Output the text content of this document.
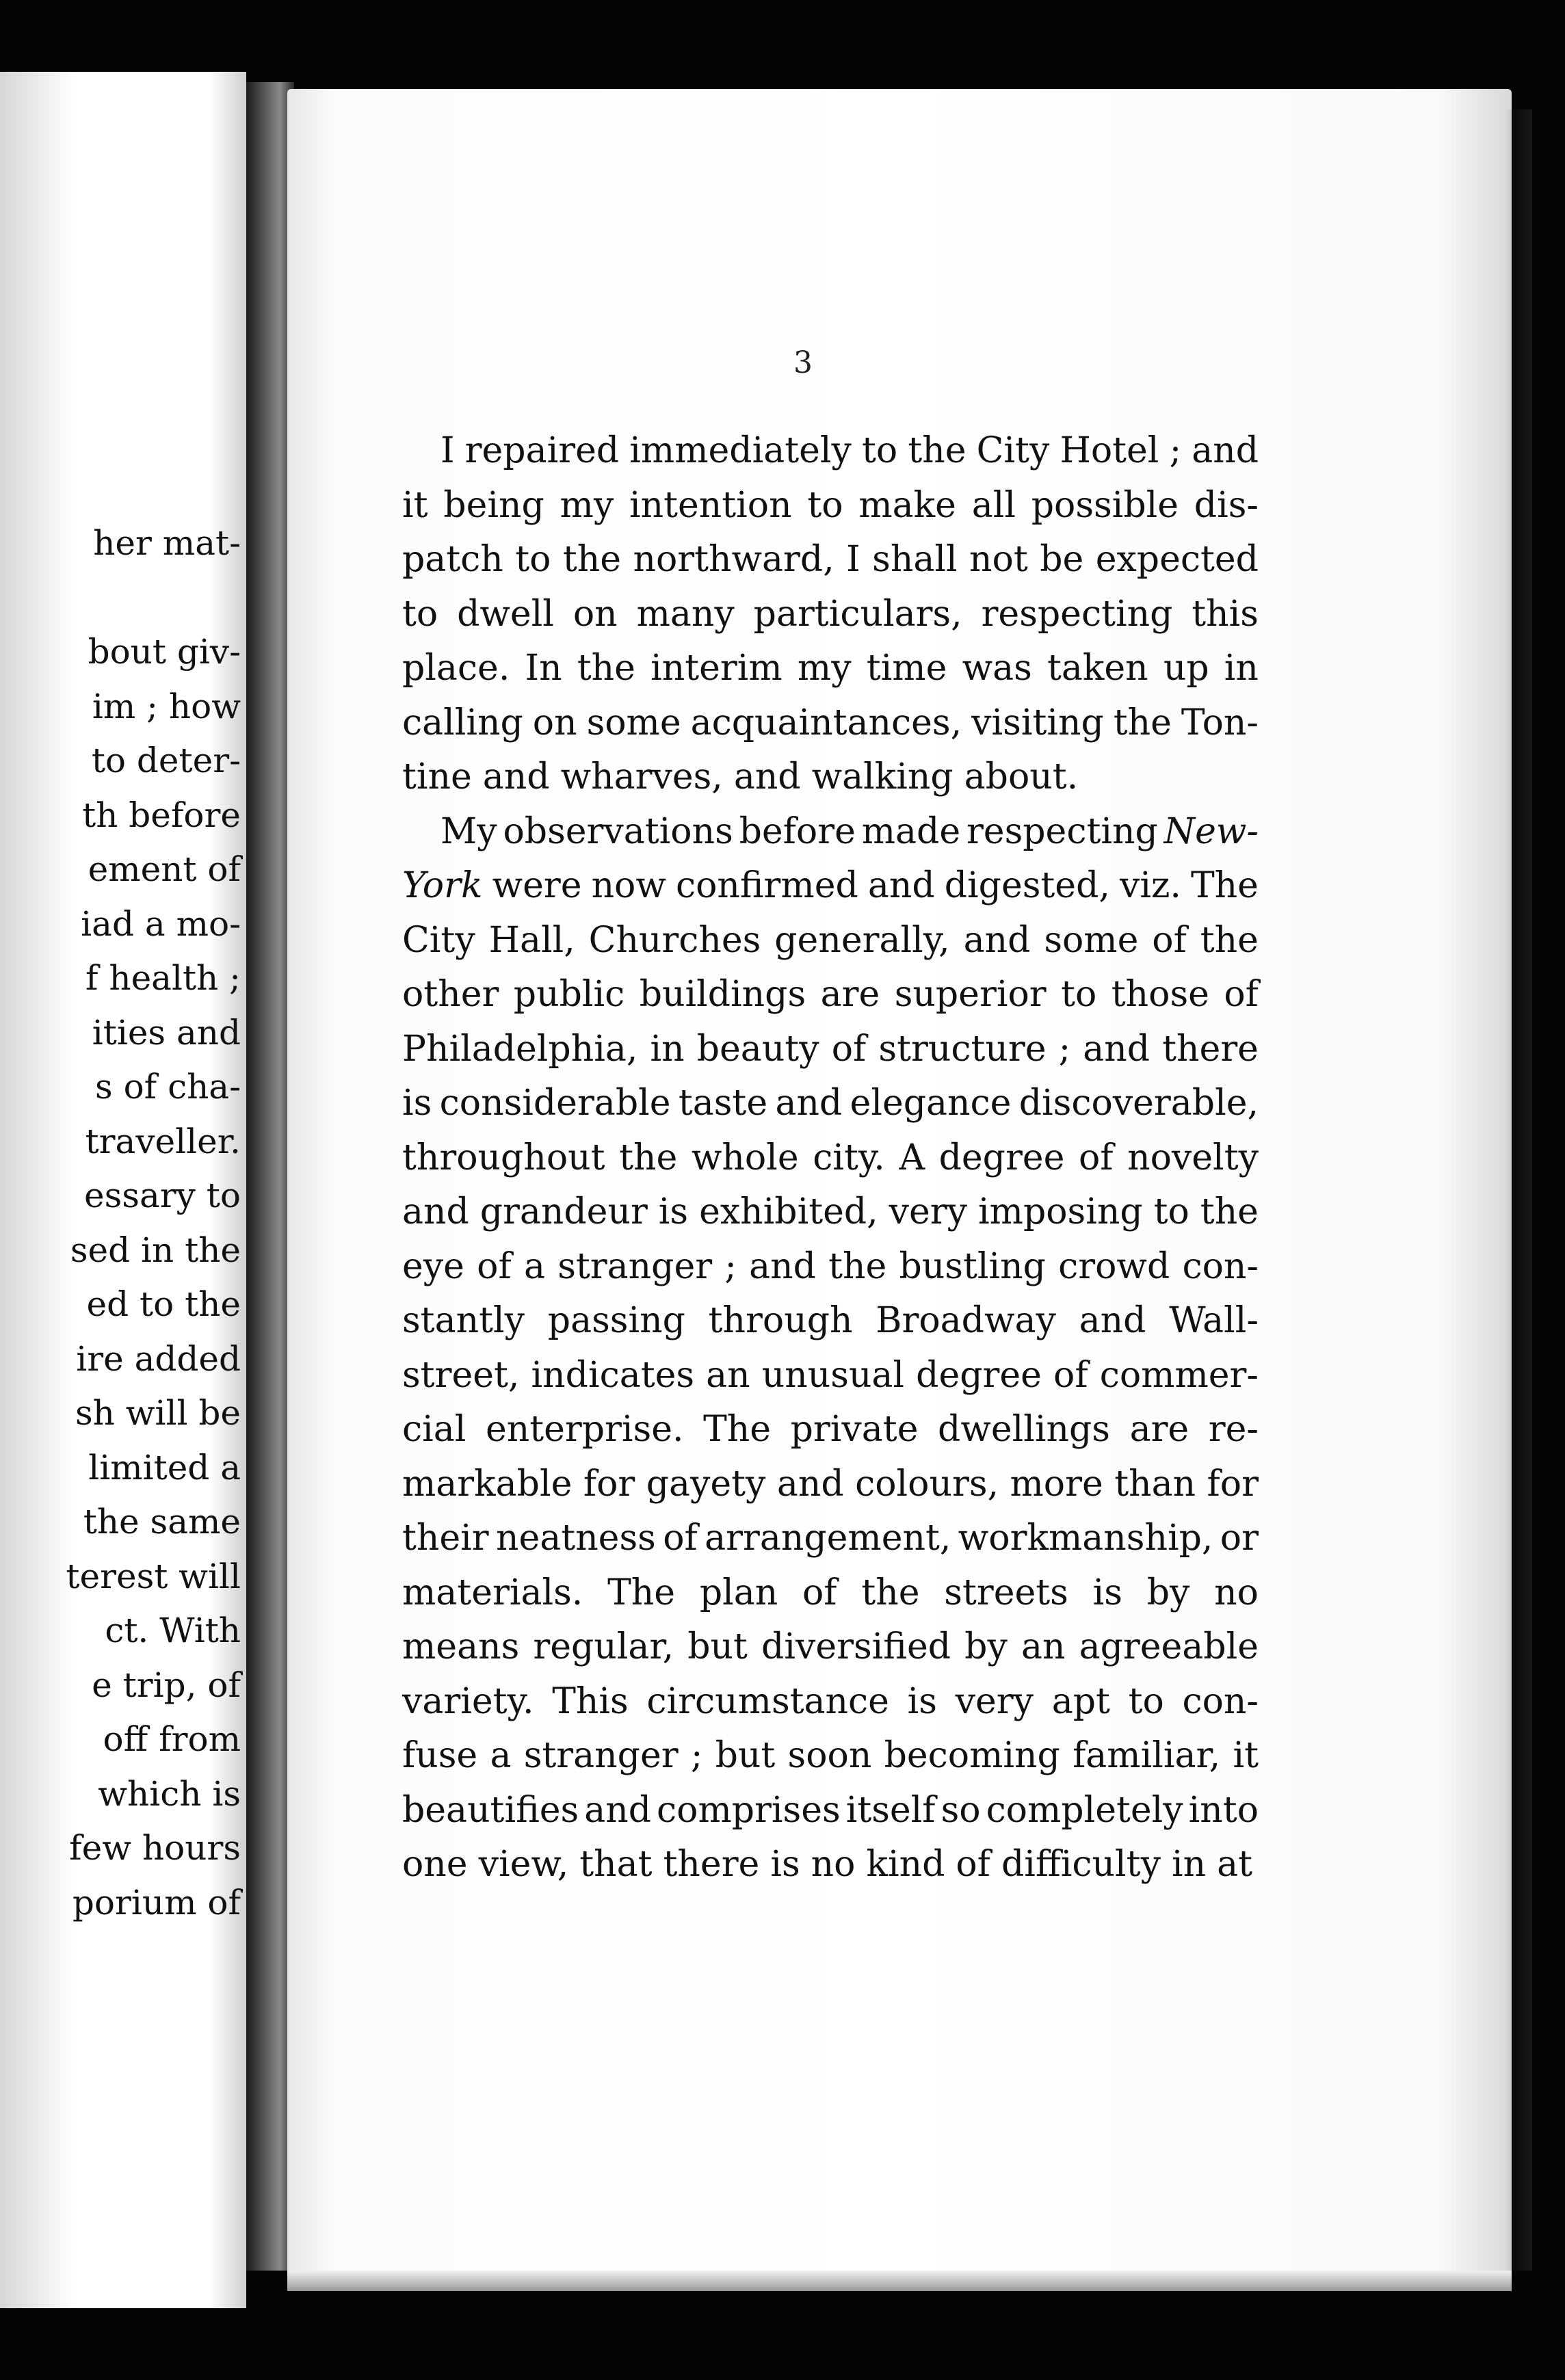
her mat-
bout giv-
im ; how
to deter-
th before
ement of
iad a mo-
f health ;
ities and
s of cha-
traveller.
essary to
sed in the
ed to the
ire added
sh will be
limited a
the same
terest will
ct. With
e trip, of
off from
which is
few hours
porium of
3
I repaired immediately to the City Hotel ; and
it being my intention to make all possible dis-
patch to the northward, I shall not be expected
to dwell on many particulars, respecting this
place. In the interim my time was taken up in
calling on some acquaintances, visiting the Ton-
tine and wharves, and walking about.
My observations before made respecting New-
York were now confirmed and digested, viz. The
City Hall, Churches generally, and some of the
other public buildings are superior to those of
Philadelphia, in beauty of structure ; and there
is considerable taste and elegance discoverable,
throughout the whole city. A degree of novelty
and grandeur is exhibited, very imposing to the
eye of a stranger ; and the bustling crowd con-
stantly passing through Broadway and Wall-
street, indicates an unusual degree of commer-
cial enterprise. The private dwellings are re-
markable for gayety and colours, more than for
their neatness of arrangement, workmanship, or
materials. The plan of the streets is by no
means regular, but diversified by an agreeable
variety. This circumstance is very apt to con-
fuse a stranger ; but soon becoming familiar, it
beautifies and comprises itself so completely into
one view, that there is no kind of difficulty in at
